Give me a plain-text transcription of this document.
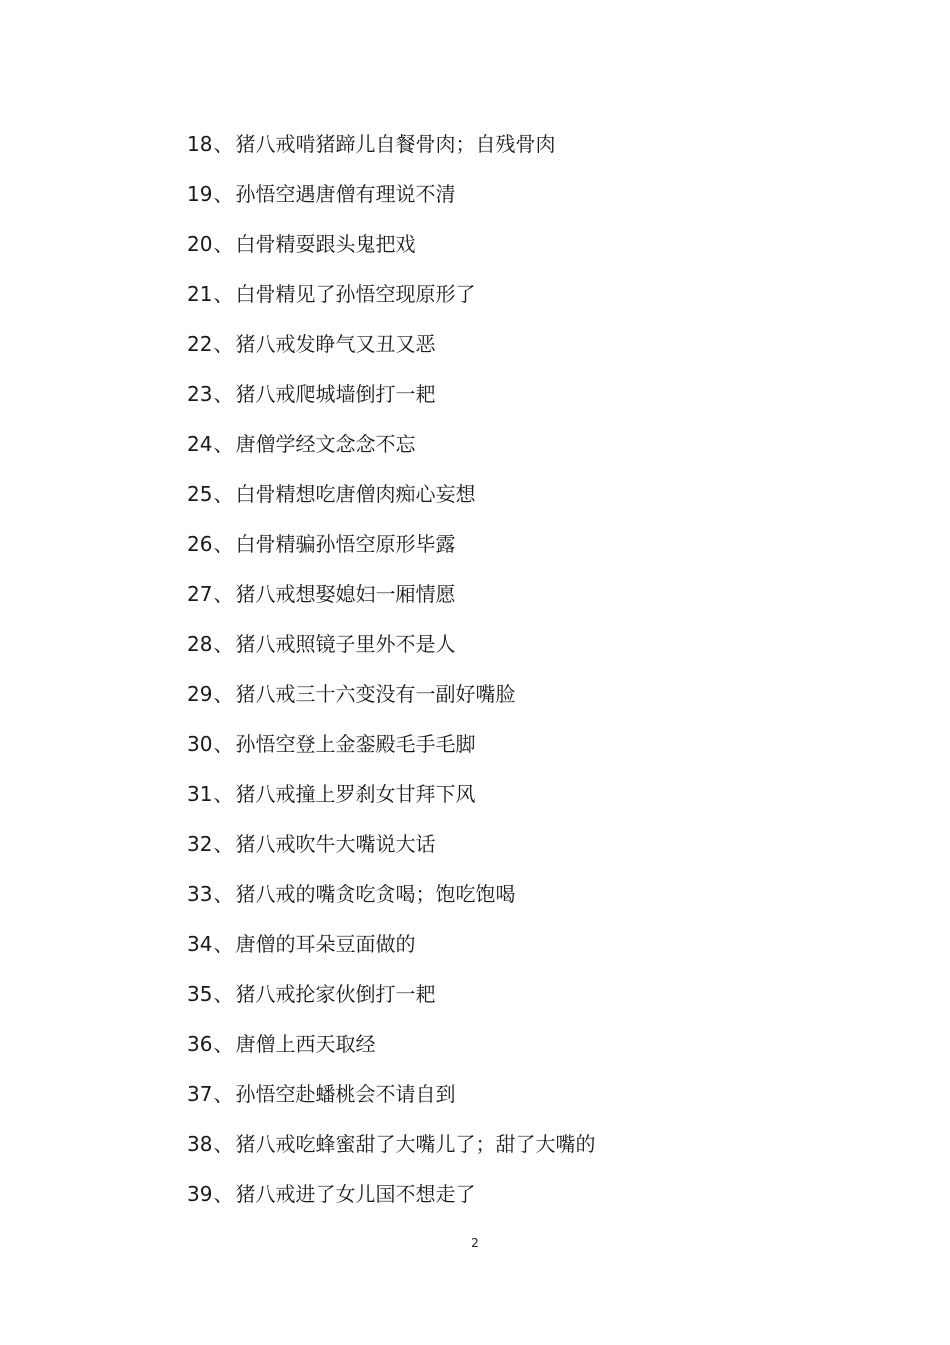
18、 猪八戒啃猪蹄儿自餐骨肉；自残骨肉
19、 孙悟空遇唐僧有理说不清
20、 白骨精耍跟头鬼把戏
21、 白骨精见了孙悟空现原形了
22、 猪八戒发睁气又丑又恶
23、 猪八戒爬城墙倒打一耙
24、 唐僧学经文念念不忘
25、 白骨精想吃唐僧肉痴心妄想
26、 白骨精骗孙悟空原形毕露
27、 猪八戒想娶媳妇一厢情愿
28、 猪八戒照镜子里外不是人
29、 猪八戒三十六变没有一副好嘴脸
30、 孙悟空登上金銮殿毛手毛脚
31、 猪八戒撞上罗刹女甘拜下风
32、 猪八戒吹牛大嘴说大话
33、 猪八戒的嘴贪吃贪喝；饱吃饱喝
34、 唐僧的耳朵豆面做的
35、 猪八戒抡家伙倒打一耙
36、 唐僧上西天取经
37、 孙悟空赴蟠桃会不请自到
38、 猪八戒吃蜂蜜甜了大嘴儿了；甜了大嘴的
39、 猪八戒进了女儿国不想走了
2
